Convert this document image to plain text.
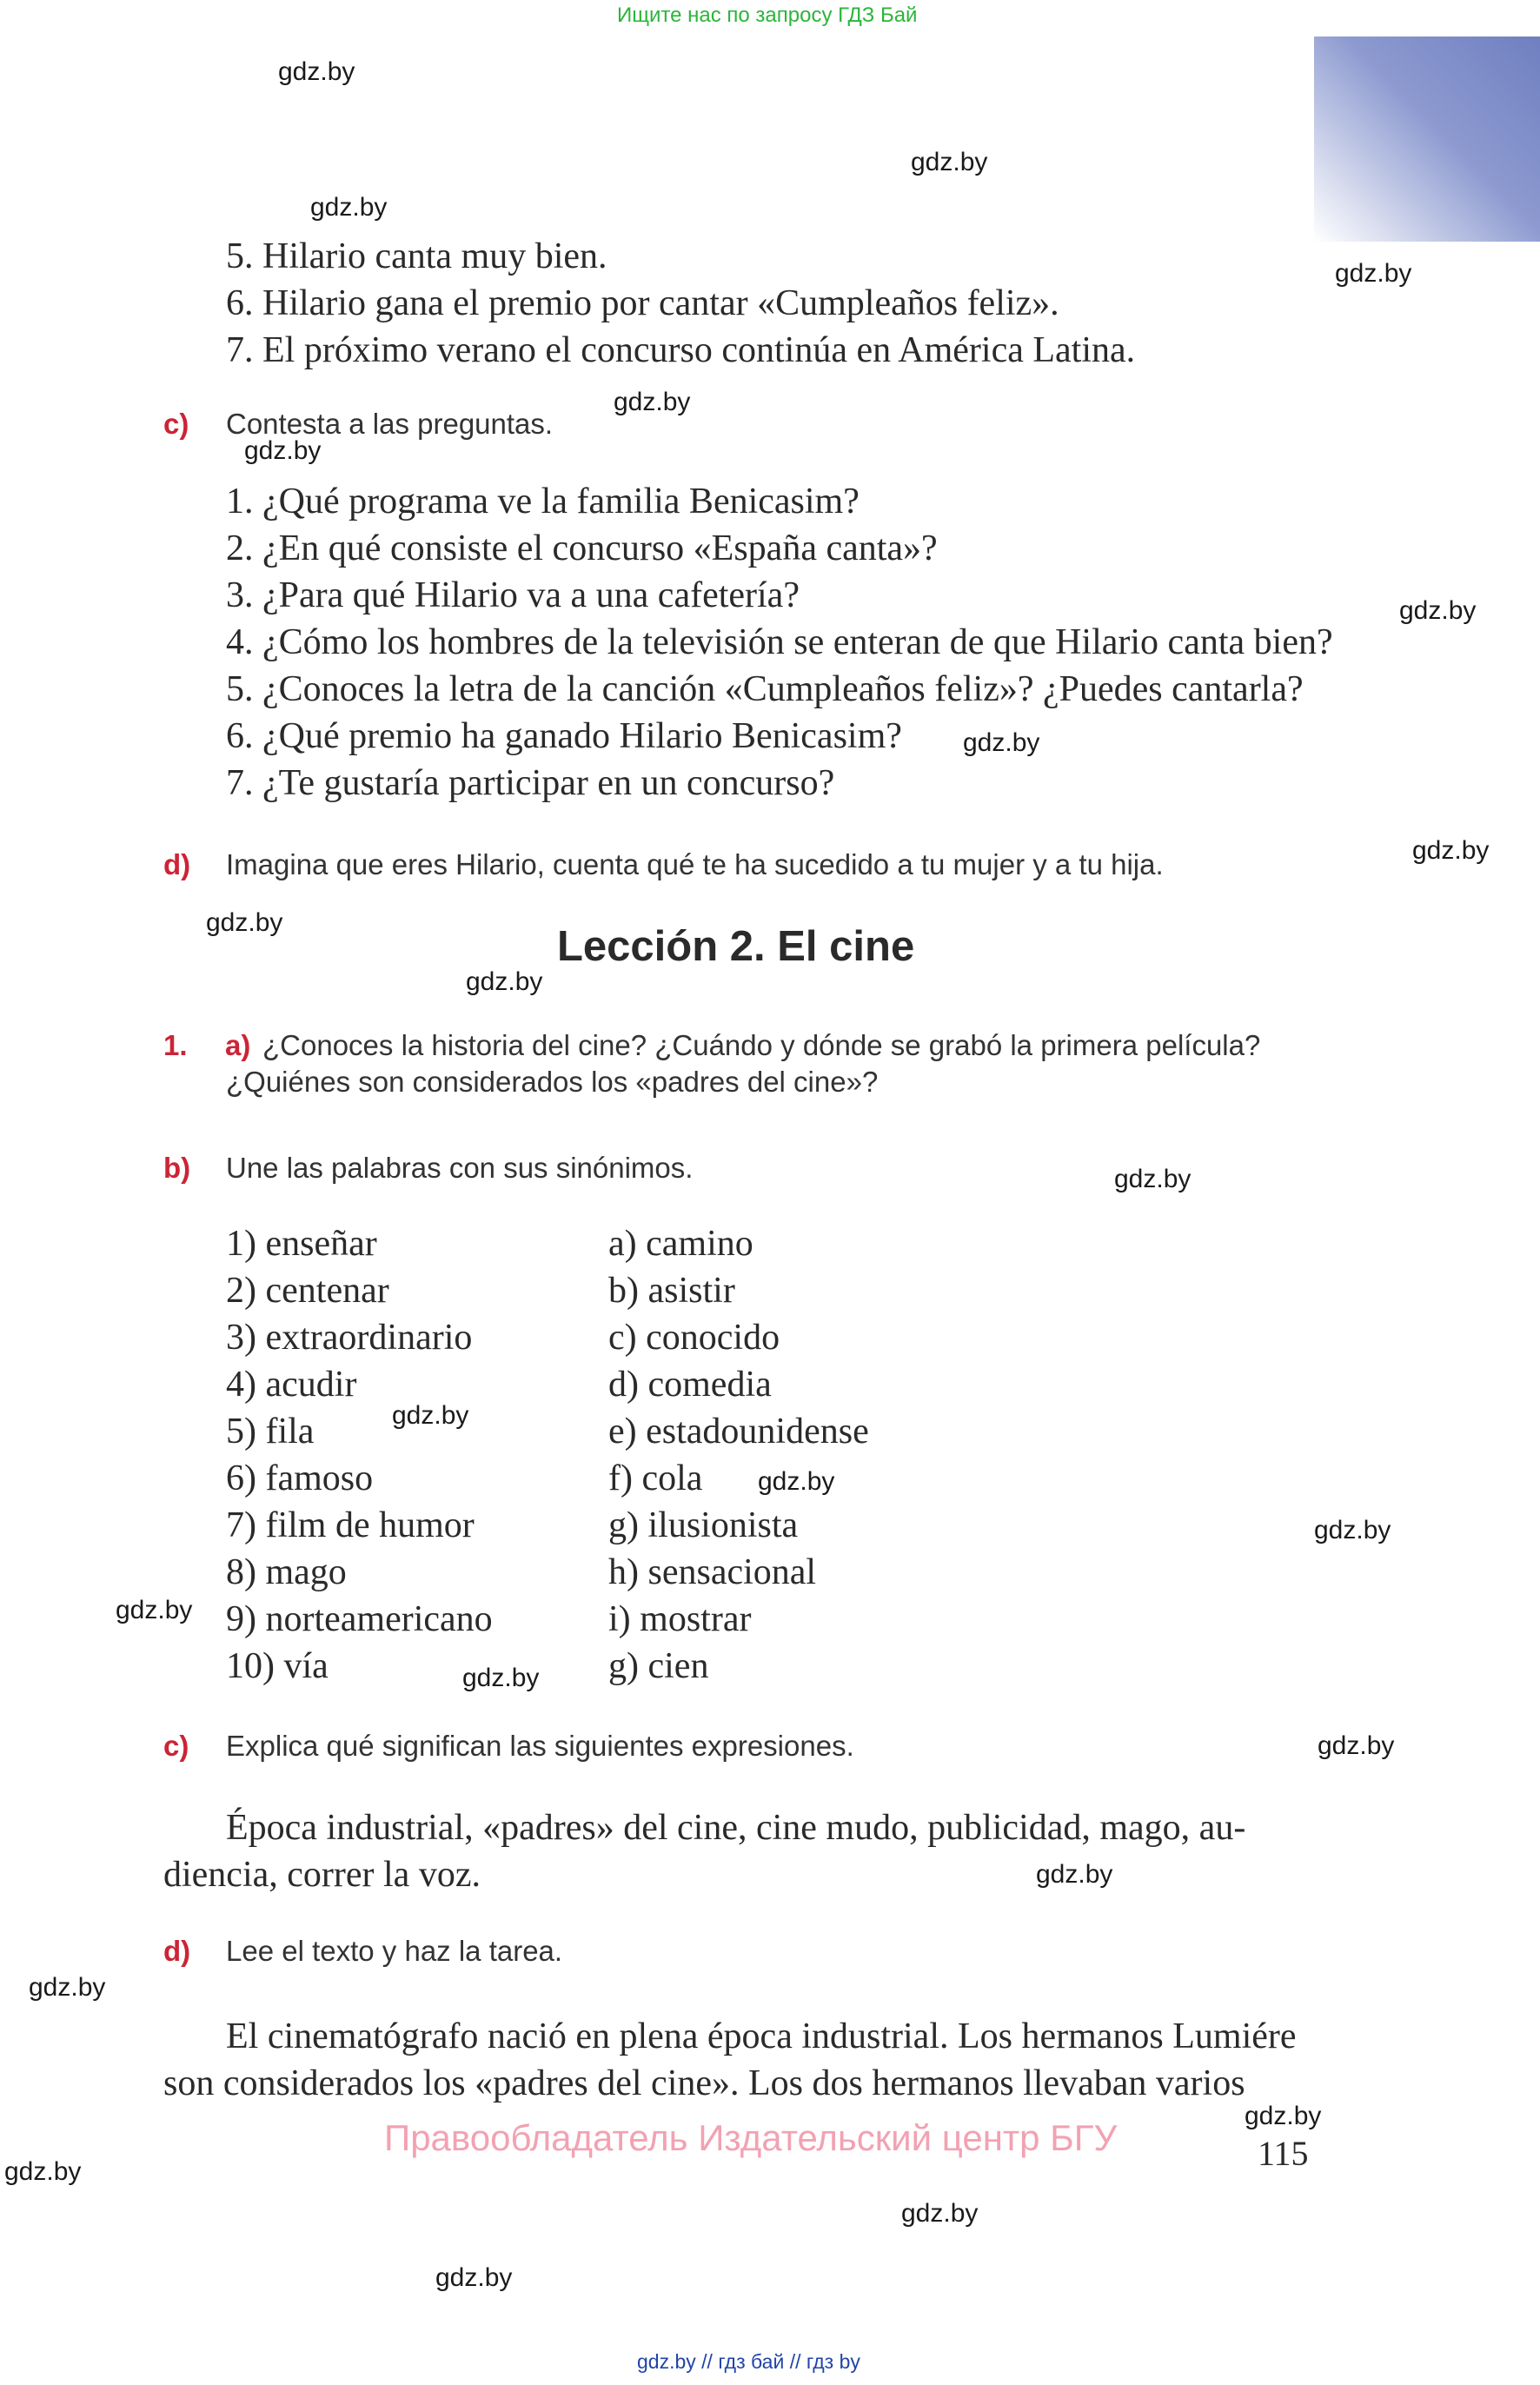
Ищите нас по запросу ГДЗ Бай
gdz.by
gdz.by
gdz.by
gdz.by
gdz.by
gdz.by
gdz.by
gdz.by
gdz.by
gdz.by
gdz.by
gdz.by
gdz.by
gdz.by
gdz.by
gdz.by
gdz.by
gdz.by
gdz.by
gdz.by
gdz.by
gdz.by
gdz.by
gdz.by
5. Hilario canta muy bien.
6. Hilario gana el premio por cantar «Cumpleaños feliz».
7. El próximo verano el concurso continúa en América Latina.
c) Contesta a las preguntas.
1. ¿Qué programa ve la familia Benicasim?
2. ¿En qué consiste el concurso «España canta»?
3. ¿Para qué Hilario va a una cafetería?
4. ¿Cómo los hombres de la televisión se enteran de que Hilario canta bien?
5. ¿Conoces la letra de la canción «Cumpleaños feliz»? ¿Puedes cantarla?
6. ¿Qué premio ha ganado Hilario Benicasim?
7. ¿Te gustaría participar en un concurso?
d) Imagina que eres Hilario, cuenta qué te ha sucedido a tu mujer y a tu hija.
Lección 2. El cine
1. a) ¿Conoces la historia del cine? ¿Cuándo y dónde se grabó la primera película?
¿Quiénes son considerados los «padres del cine»?
b) Une las palabras con sus sinónimos.
1) enseñar
2) centenar
3) extraordinario
4) acudir
5) fila
6) famoso
7) film de humor
8) mago
9) norteamericano
10) vía
a) camino
b) asistir
c) conocido
d) comedia
e) estadounidense
f) cola
g) ilusionista
h) sensacional
i) mostrar
g) cien
c) Explica qué significan las siguientes expresiones.
Época industrial, «padres» del cine, cine mudo, publicidad, mago, au-
diencia, correr la voz.
d) Lee el texto y haz la tarea.
El cinematógrafo nació en plena época industrial. Los hermanos Lumiére
son considerados los «padres del cine». Los dos hermanos llevaban varios
Правообладатель Издательский центр БГУ	115
gdz.by // гдз бай // гдз by
